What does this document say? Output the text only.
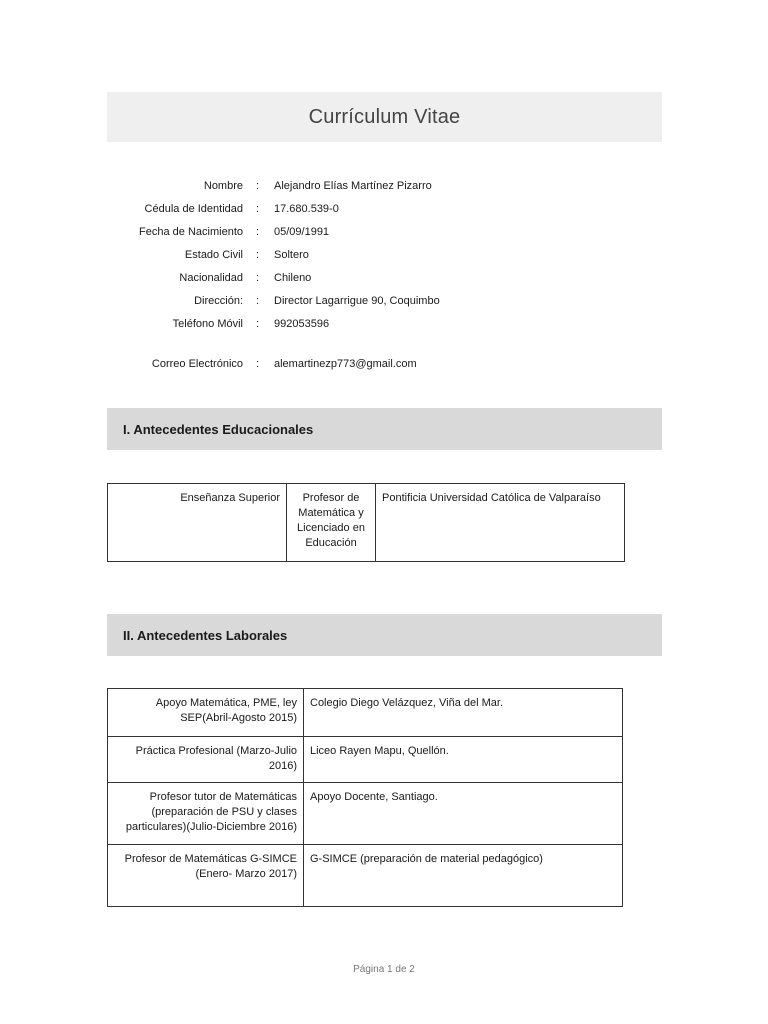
Currículum Vitae
Nombre : Alejandro Elías Martínez Pizarro
Cédula de Identidad : 17.680.539-0
Fecha de Nacimiento : 05/09/1991
Estado Civil : Soltero
Nacionalidad : Chileno
Dirección: : Director Lagarrigue 90, Coquimbo
Teléfono Móvil : 992053596
Correo Electrónico : alemartinezp773@gmail.com
I. Antecedentes Educacionales
Enseñanza Superior	Profesor de Matemática y Licenciado en Educación	Pontificia Universidad Católica de Valparaíso
II. Antecedentes Laborales
Apoyo Matemática, PME, ley SEP(Abril-Agosto 2015)	Colegio Diego Velázquez, Viña del Mar.
Práctica Profesional (Marzo-Julio 2016)	Liceo Rayen Mapu, Quellón.
Profesor tutor de Matemáticas (preparación de PSU y clases particulares)(Julio-Diciembre 2016)	Apoyo Docente, Santiago.
Profesor de Matemáticas G-SIMCE (Enero- Marzo 2017)	G-SIMCE (preparación de material pedagógico)
Página 1 de 2
